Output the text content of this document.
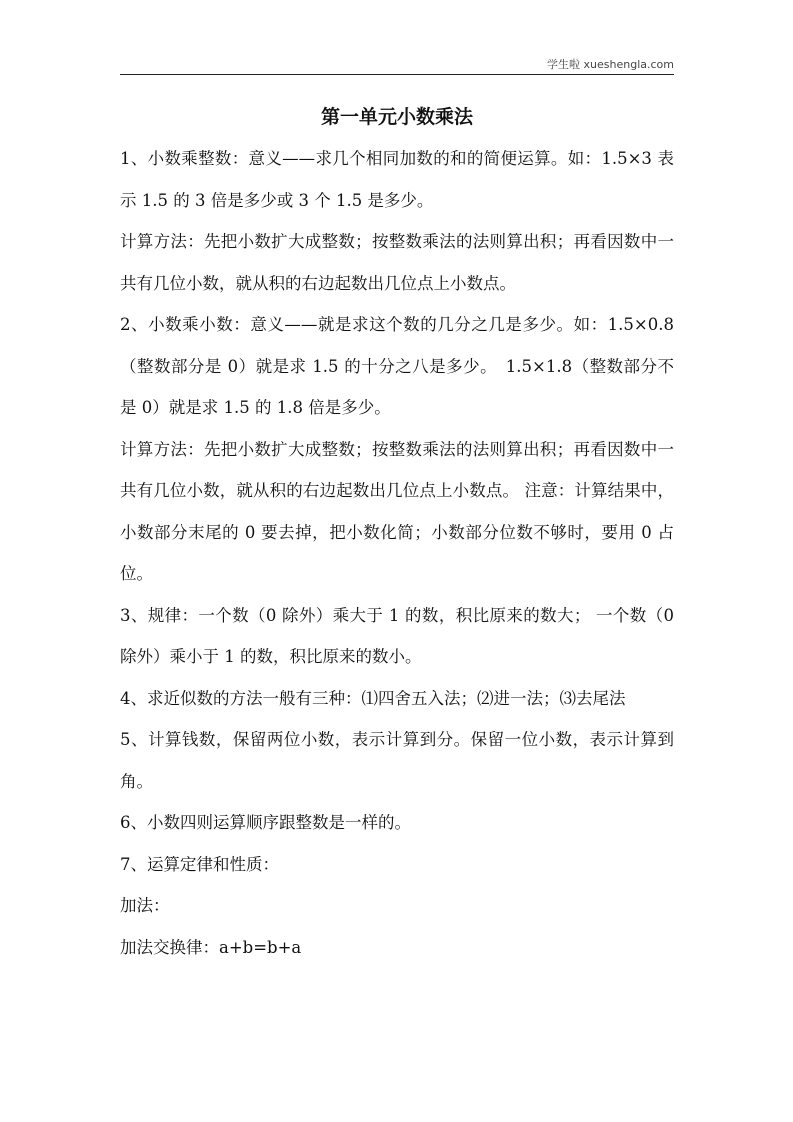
学生啦 xueshengla.com
第一单元小数乘法

1、小数乘整数：意义——求几个相同加数的和的简便运算。如：1.5×3 表示 1.5 的 3 倍是多少或 3 个 1.5 是多少。

计算方法：先把小数扩大成整数；按整数乘法的法则算出积；再看因数中一共有几位小数，就从积的右边起数出几位点上小数点。

2、小数乘小数：意义——就是求这个数的几分之几是多少。如：1.5×0.8（整数部分是 0）就是求 1.5 的十分之八是多少。　1.5×1.8（整数部分不是 0）就是求 1.5 的 1.8 倍是多少。

计算方法：先把小数扩大成整数；按整数乘法的法则算出积；再看因数中一共有几位小数，就从积的右边起数出几位点上小数点。 注意：计算结果中，小数部分末尾的 0 要去掉，把小数化简；小数部分位数不够时，要用 0 占位。

3、规律：一个数（0 除外）乘大于 1 的数，积比原来的数大； 一个数（0 除外）乘小于 1 的数，积比原来的数小。

4、求近似数的方法一般有三种：⑴四舍五入法；⑵进一法；⑶去尾法

5、计算钱数，保留两位小数，表示计算到分。保留一位小数，表示计算到角。

6、小数四则运算顺序跟整数是一样的。

7、运算定律和性质：

加法：

加法交换律：a+b=b+a
